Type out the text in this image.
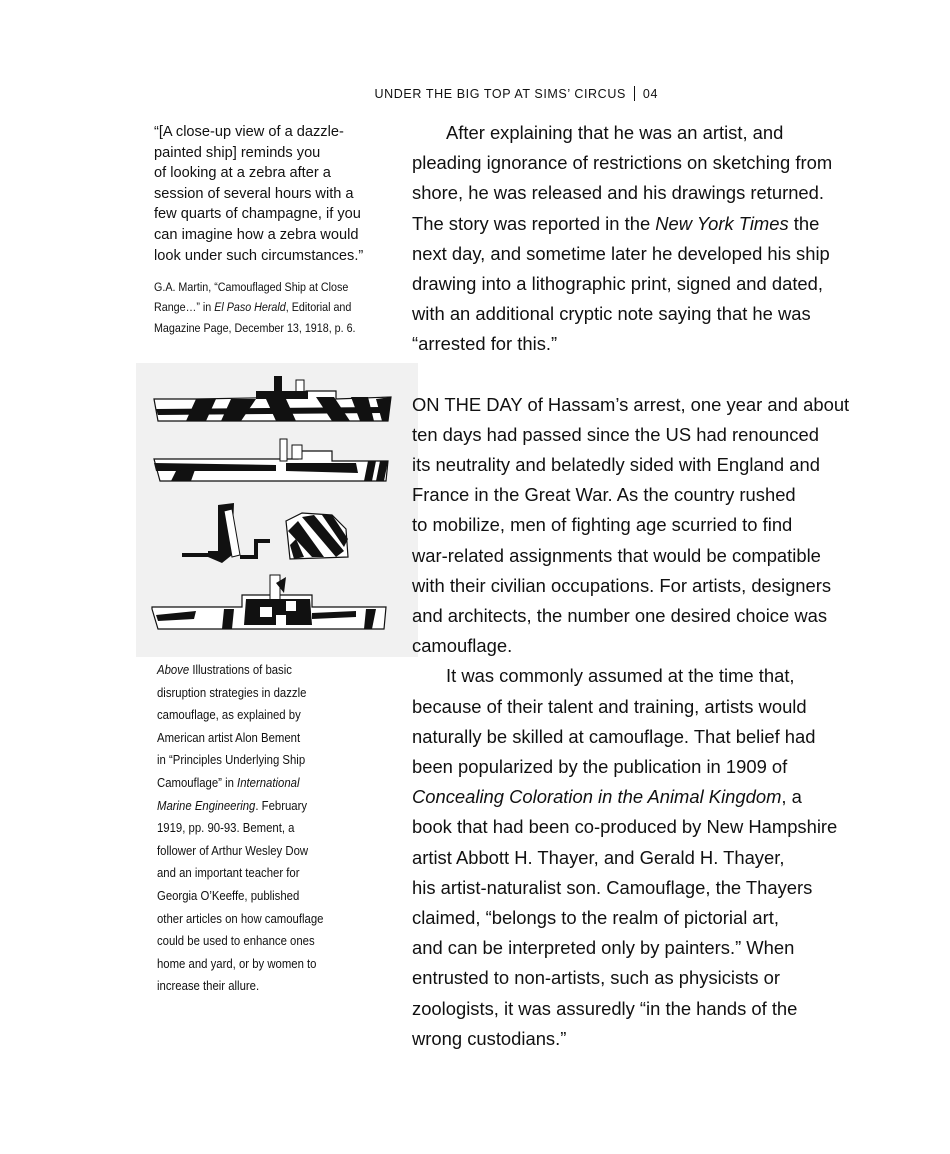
UNDER THE BIG TOP AT SIMS’ CIRCUS 04

“[A close-up view of a dazzle-
painted ship] reminds you
of looking at a zebra after a
session of several hours with a
few quarts of champagne, if you
can imagine how a zebra would
look under such circumstances.”

G.A. Martin, “Camouflaged Ship at Close
Range…” in El Paso Herald, Editorial and
Magazine Page, December 13, 1918, p. 6.

Above Illustrations of basic
disruption strategies in dazzle
camouflage, as explained by
American artist Alon Bement
in “Principles Underlying Ship
Camouflage” in International
Marine Engineering. February
1919, pp. 90-93. Bement, a
follower of Arthur Wesley Dow
and an important teacher for
Georgia O’Keeffe, published
other articles on how camouflage
could be used to enhance ones
home and yard, or by women to
increase their allure.

After explaining that he was an artist, and
pleading ignorance of restrictions on sketching from
shore, he was released and his drawings returned.
The story was reported in the New York Times the
next day, and sometime later he developed his ship
drawing into a lithographic print, signed and dated,
with an additional cryptic note saying that he was
“arrested for this.”

ON THE DAY of Hassam’s arrest, one year and about
ten days had passed since the US had renounced
its neutrality and belatedly sided with England and
France in the Great War. As the country rushed
to mobilize, men of fighting age scurried to find
war-related assignments that would be compatible
with their civilian occupations. For artists, designers
and architects, the number one desired choice was
camouflage.

It was commonly assumed at the time that,
because of their talent and training, artists would
naturally be skilled at camouflage. That belief had
been popularized by the publication in 1909 of
Concealing Coloration in the Animal Kingdom, a
book that had been co-produced by New Hampshire
artist Abbott H. Thayer, and Gerald H. Thayer,
his artist-naturalist son. Camouflage, the Thayers
claimed, “belongs to the realm of pictorial art,
and can be interpreted only by painters.” When
entrusted to non-artists, such as physicists or
zoologists, it was assuredly “in the hands of the
wrong custodians.”
